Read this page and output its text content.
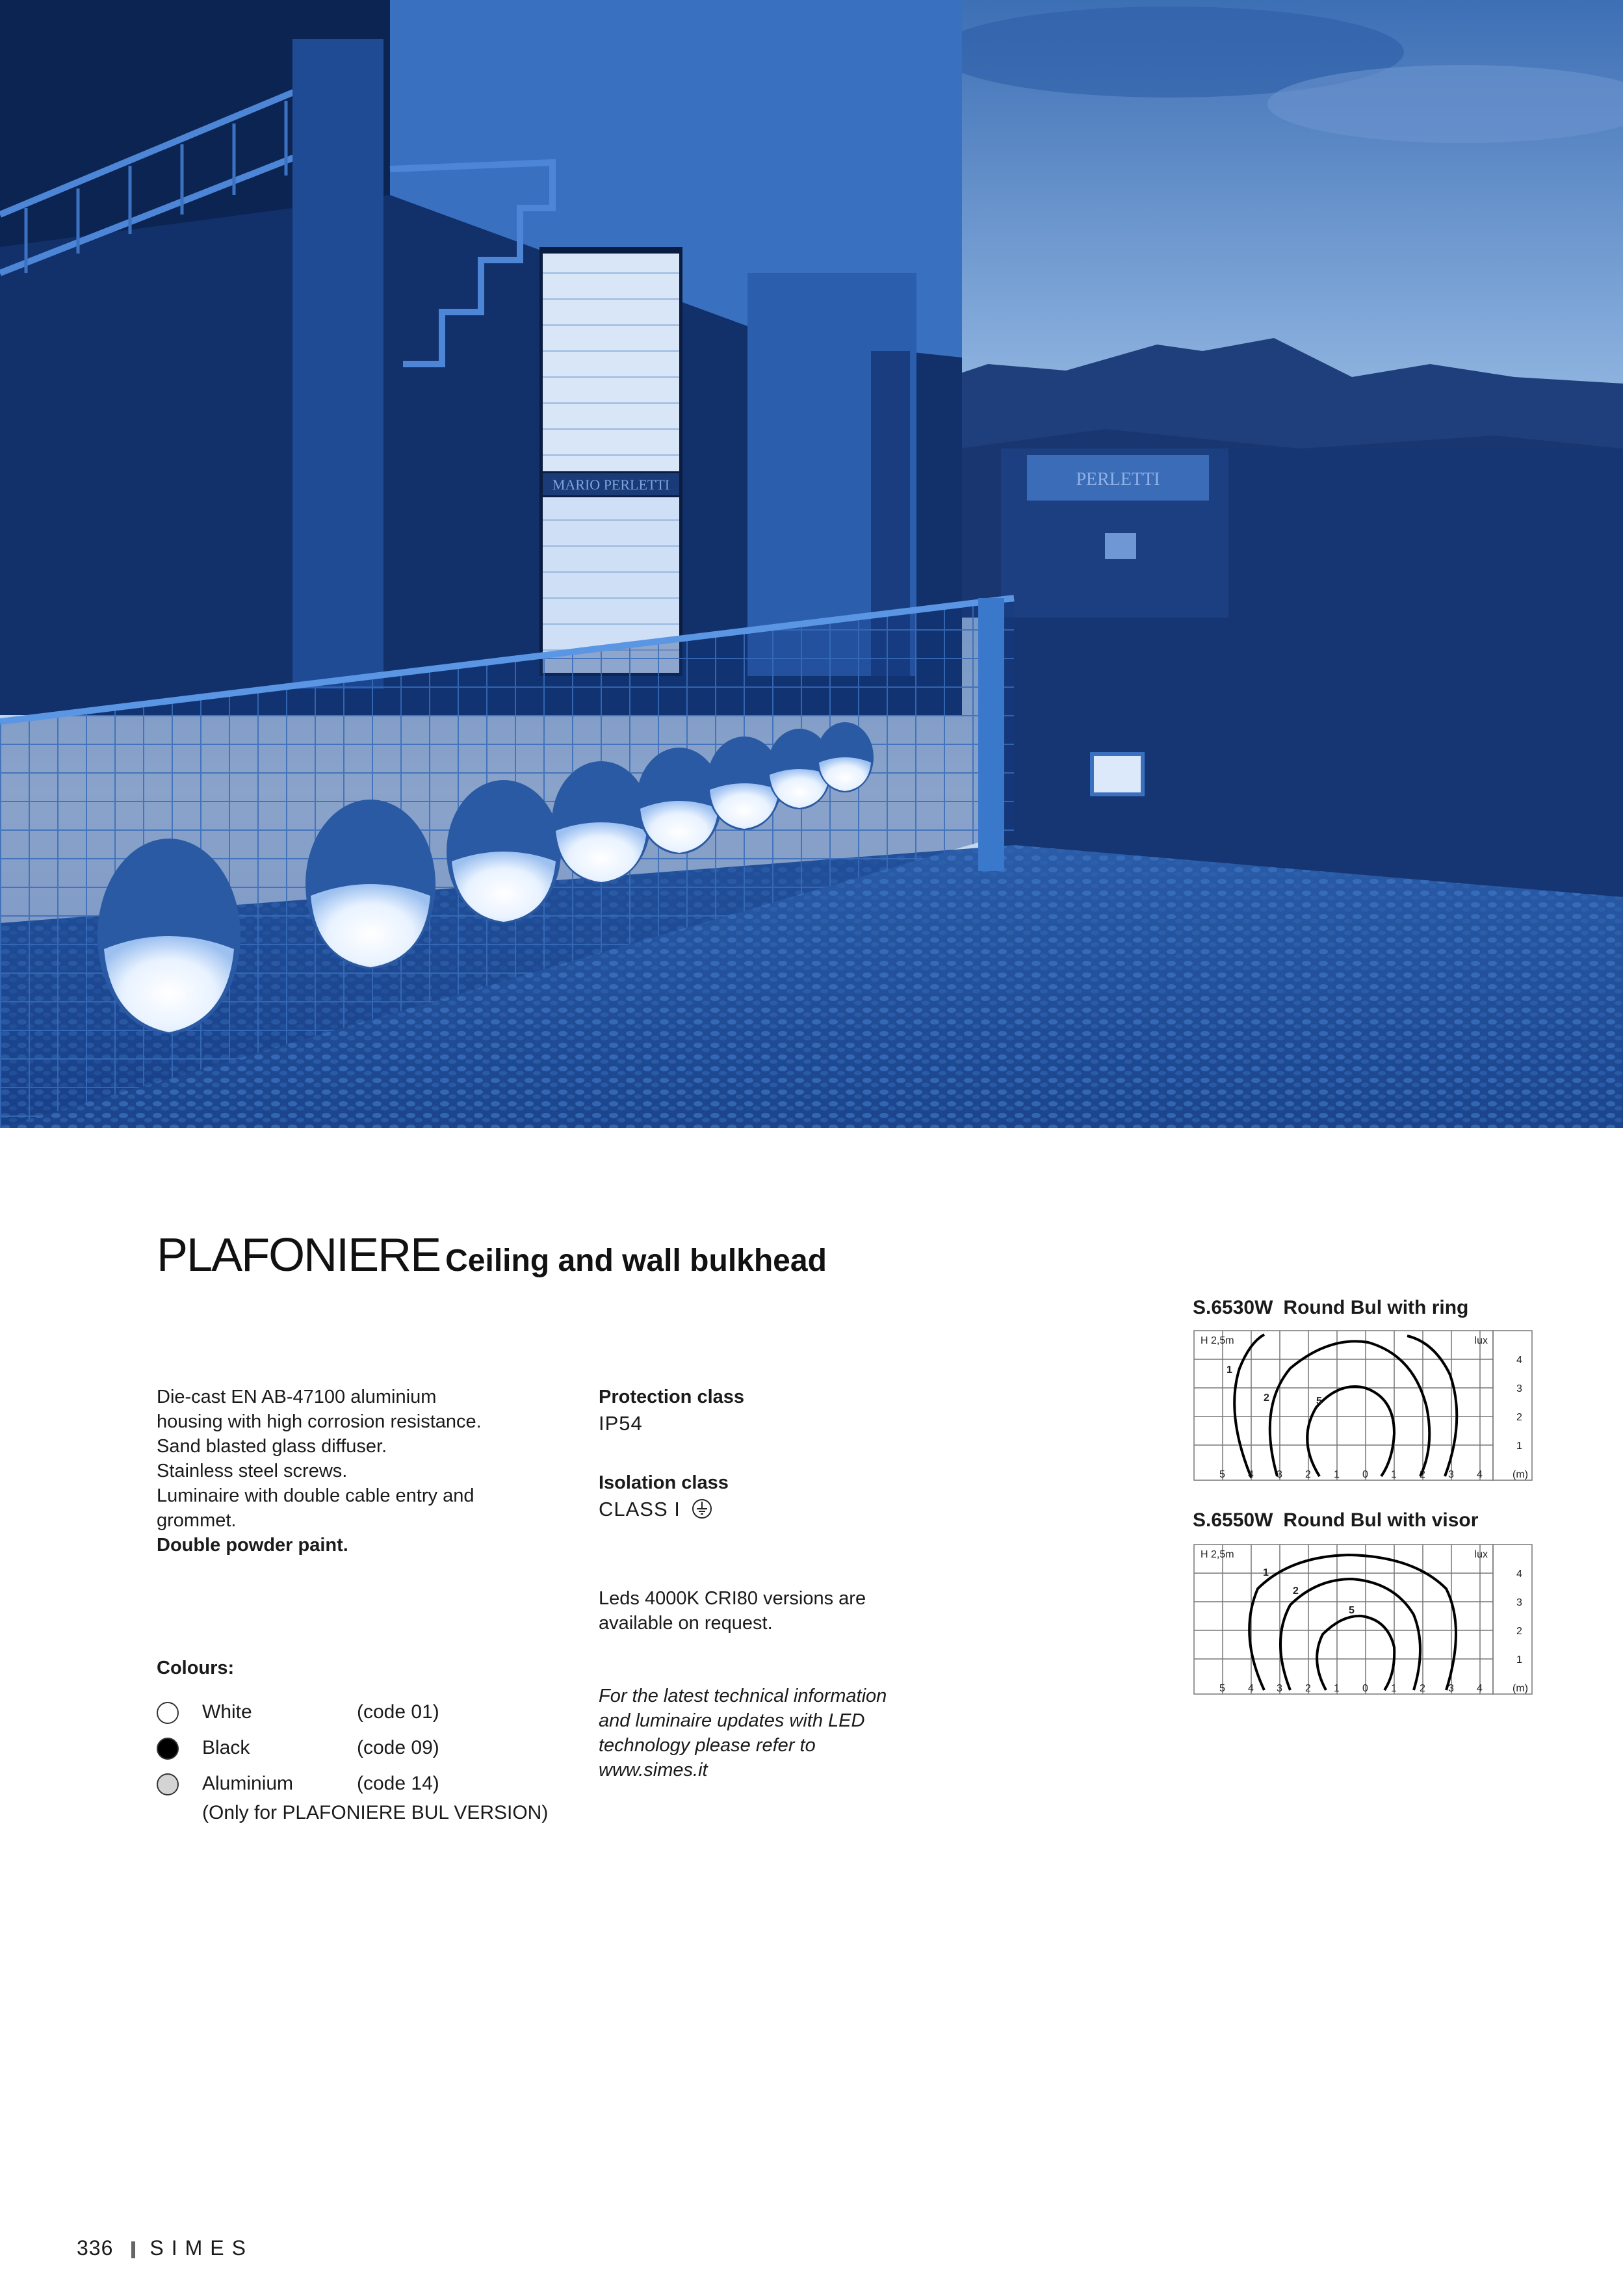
MARIO PERLETTI	PERLETTI
PLAFONIERE Ceiling and wall bulkhead
Die-cast EN AB-47100 aluminium
housing with high corrosion resistance.
Sand blasted glass diffuser.
Stainless steel screws.
Luminaire with double cable entry and
grommet.
Double powder paint.
Protection class
IP54
Isolation class
CLASS I
Leds 4000K CRI80 versions are
available on request.
For the latest technical information
and luminaire updates with LED
technology please refer to
www.simes.it
Colours:
White	(code 01)
Black	(code 09)
Aluminium	(code 14)
(Only for PLAFONIERE BUL VERSION)
S.6530W Round Bul with ring
H 2,5m	lux
1
2	5
4
3
2
1
5 4 3 2 1 0 1 2 3 4	(m)
S.6550W Round Bul with visor
H 2,5m	lux
1
2
5
4
3
2
1
5 4 3 2 1 0 1 2 3 4	(m)
336 SIMES
